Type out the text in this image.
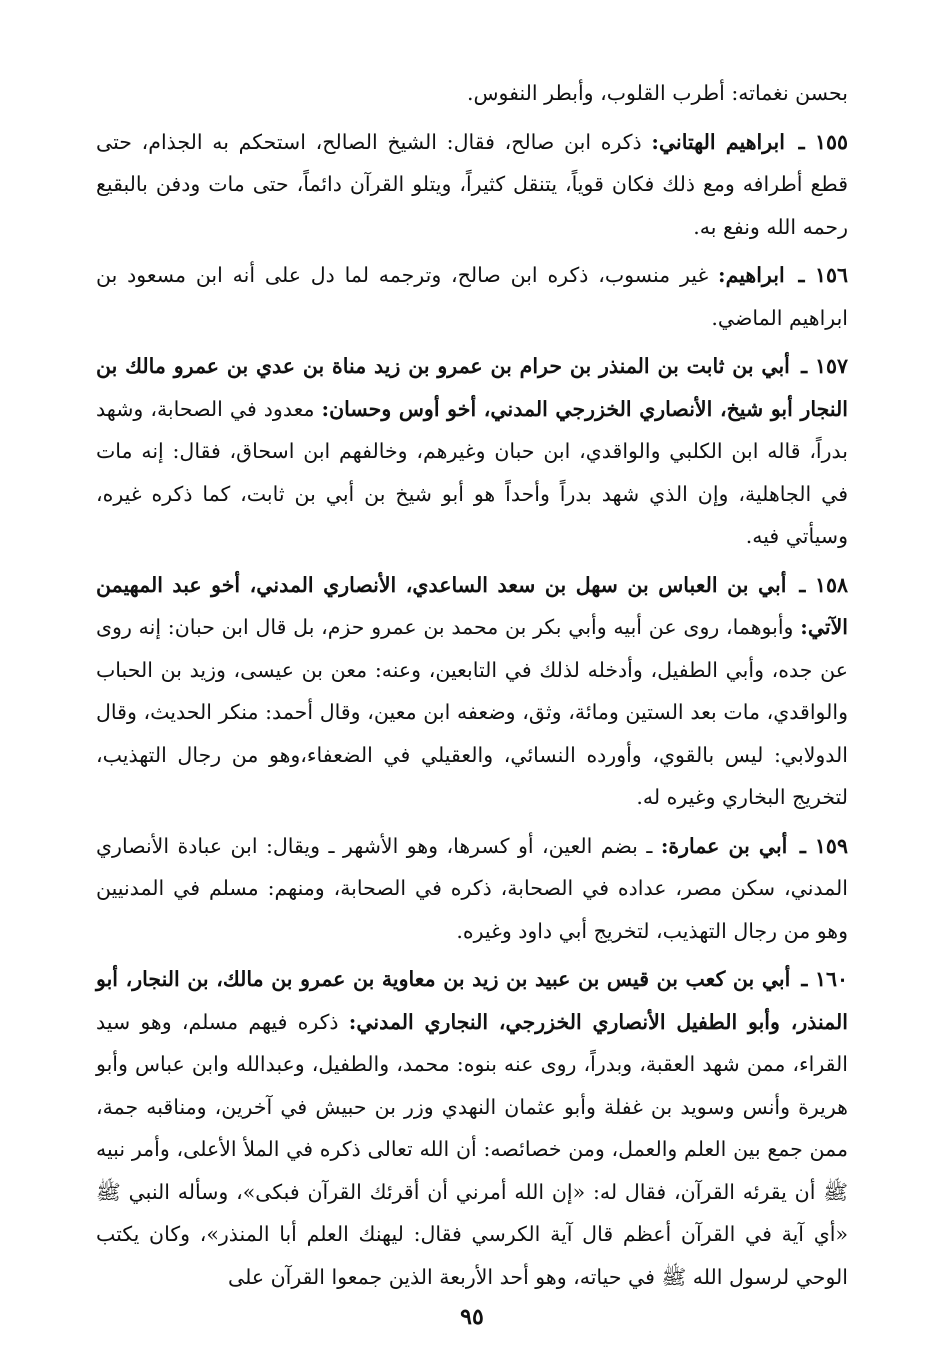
بحسن نغماته: أطرب القلوب، وأبطر النفوس.

١٥٥ ـ ابراهيم الهتاني: ذكره ابن صالح، فقال: الشيخ الصالح، استحكم به الجذام، حتى قطع أطرافه ومع ذلك فكان قوياً، يتنقل كثيراً، ويتلو القرآن دائماً، حتى مات ودفن بالبقيع رحمه الله ونفع به.

١٥٦ ـ ابراهيم: غير منسوب، ذكره ابن صالح، وترجمه لما دل على أنه ابن مسعود بن ابراهيم الماضي.

١٥٧ ـ أبي بن ثابت بن المنذر بن حرام بن عمرو بن زيد مناة بن عدي بن عمرو مالك بن النجار أبو شيخ، الأنصاري الخزرجي المدني، أخو أوس وحسان: معدود في الصحابة، وشهد بدراً، قاله ابن الكلبي والواقدي، ابن حبان وغيرهم، وخالفهم ابن اسحاق، فقال: إنه مات في الجاهلية، وإن الذي شهد بدراً وأحداً هو أبو شيخ بن أبي بن ثابت، كما ذكره غيره، وسيأتي فيه.

١٥٨ ـ أبي بن العباس بن سهل بن سعد الساعدي، الأنصاري المدني، أخو عبد المهيمن الآتي: وأبوهما، روى عن أبيه وأبي بكر بن محمد بن عمرو حزم، بل قال ابن حبان: إنه روى عن جده، وأبي الطفيل، وأدخله لذلك في التابعين، وعنه: معن بن عيسى، وزيد بن الحباب والواقدي، مات بعد الستين ومائة، وثق، وضعفه ابن معين، وقال أحمد: منكر الحديث، وقال الدولابي: ليس بالقوي، وأورده النسائي، والعقيلي في الضعفاء،وهو من رجال التهذيب، لتخريج البخاري وغيره له.

١٥٩ ـ أبي بن عمارة: ـ بضم العين، أو كسرها، وهو الأشهر ـ ويقال: ابن عبادة الأنصاري المدني، سكن مصر، عداده في الصحابة، ذكره في الصحابة، ومنهم: مسلم في المدنيين وهو من رجال التهذيب، لتخريج أبي داود وغيره.

١٦٠ ـ أبي بن كعب بن قيس بن عبيد بن زيد بن معاوية بن عمرو بن مالك، بن النجار، أبو المنذر، وأبو الطفيل الأنصاري الخزرجي، النجاري المدني: ذكره فيهم مسلم، وهو سيد القراء، ممن شهد العقبة، وبدراً، روى عنه بنوه: محمد، والطفيل، وعبدالله وابن عباس وأبو هريرة وأنس وسويد بن غفلة وأبو عثمان النهدي وزر بن حبيش في آخرين، ومناقبه جمة، ممن جمع بين العلم والعمل، ومن خصائصه: أن الله تعالى ذكره في الملأ الأعلى، وأمر نبيه ﷺ أن يقرئه القرآن، فقال له: «إن الله أمرني أن أقرئك القرآن فبكى»، وسأله النبي ﷺ «أي آية في القرآن أعظم قال آية الكرسي فقال: ليهنك العلم أبا المنذر»، وكان يكتب الوحي لرسول الله ﷺ في حياته، وهو أحد الأربعة الذين جمعوا القرآن على

٩٥
